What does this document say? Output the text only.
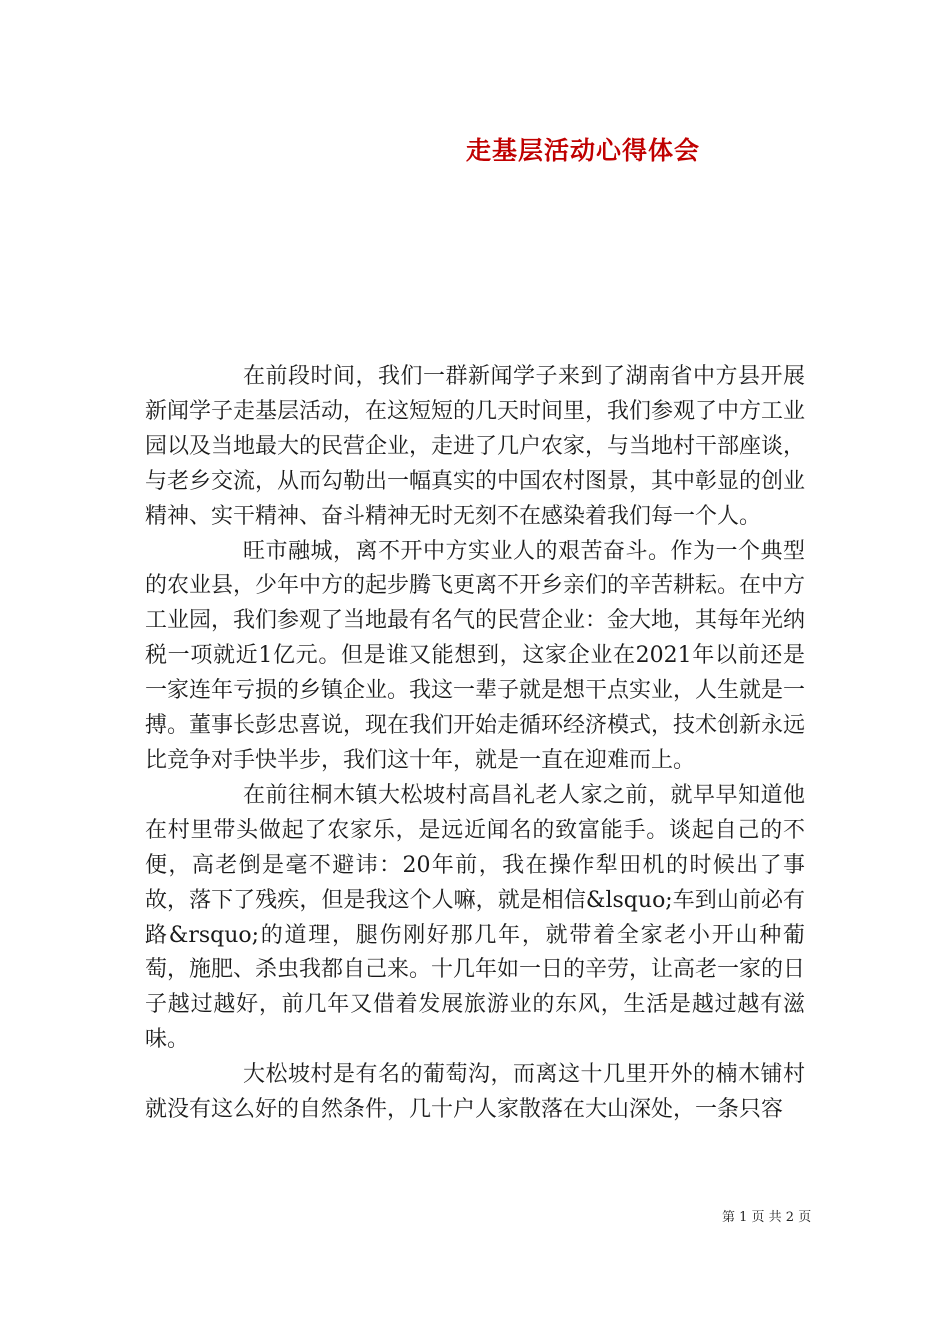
走基层活动心得体会

在前段时间，我们一群新闻学子来到了湖南省中方县开展新闻学子走基层活动，在这短短的几天时间里，我们参观了中方工业园以及当地最大的民营企业，走进了几户农家，与当地村干部座谈，与老乡交流，从而勾勒出一幅真实的中国农村图景，其中彰显的创业精神、实干精神、奋斗精神无时无刻不在感染着我们每一个人。

旺市融城，离不开中方实业人的艰苦奋斗。作为一个典型的农业县，少年中方的起步腾飞更离不开乡亲们的辛苦耕耘。在中方工业园，我们参观了当地最有名气的民营企业：金大地，其每年光纳税一项就近1亿元。但是谁又能想到，这家企业在2021年以前还是一家连年亏损的乡镇企业。我这一辈子就是想干点实业，人生就是一搏。董事长彭忠喜说，现在我们开始走循环经济模式，技术创新永远比竞争对手快半步，我们这十年，就是一直在迎难而上。

在前往桐木镇大松坡村高昌礼老人家之前，就早早知道他在村里带头做起了农家乐，是远近闻名的致富能手。谈起自己的不便，高老倒是毫不避讳：20年前，我在操作犁田机的时候出了事故，落下了残疾，但是我这个人嘛，就是相信&lsquo;车到山前必有路&rsquo;的道理，腿伤刚好那几年，就带着全家老小开山种葡萄，施肥、杀虫我都自己来。十几年如一日的辛劳，让高老一家的日子越过越好，前几年又借着发展旅游业的东风，生活是越过越有滋味。

大松坡村是有名的葡萄沟，而离这十几里开外的楠木铺村就没有这么好的自然条件，几十户人家散落在大山深处，一条只容

第 1 页 共 2 页
